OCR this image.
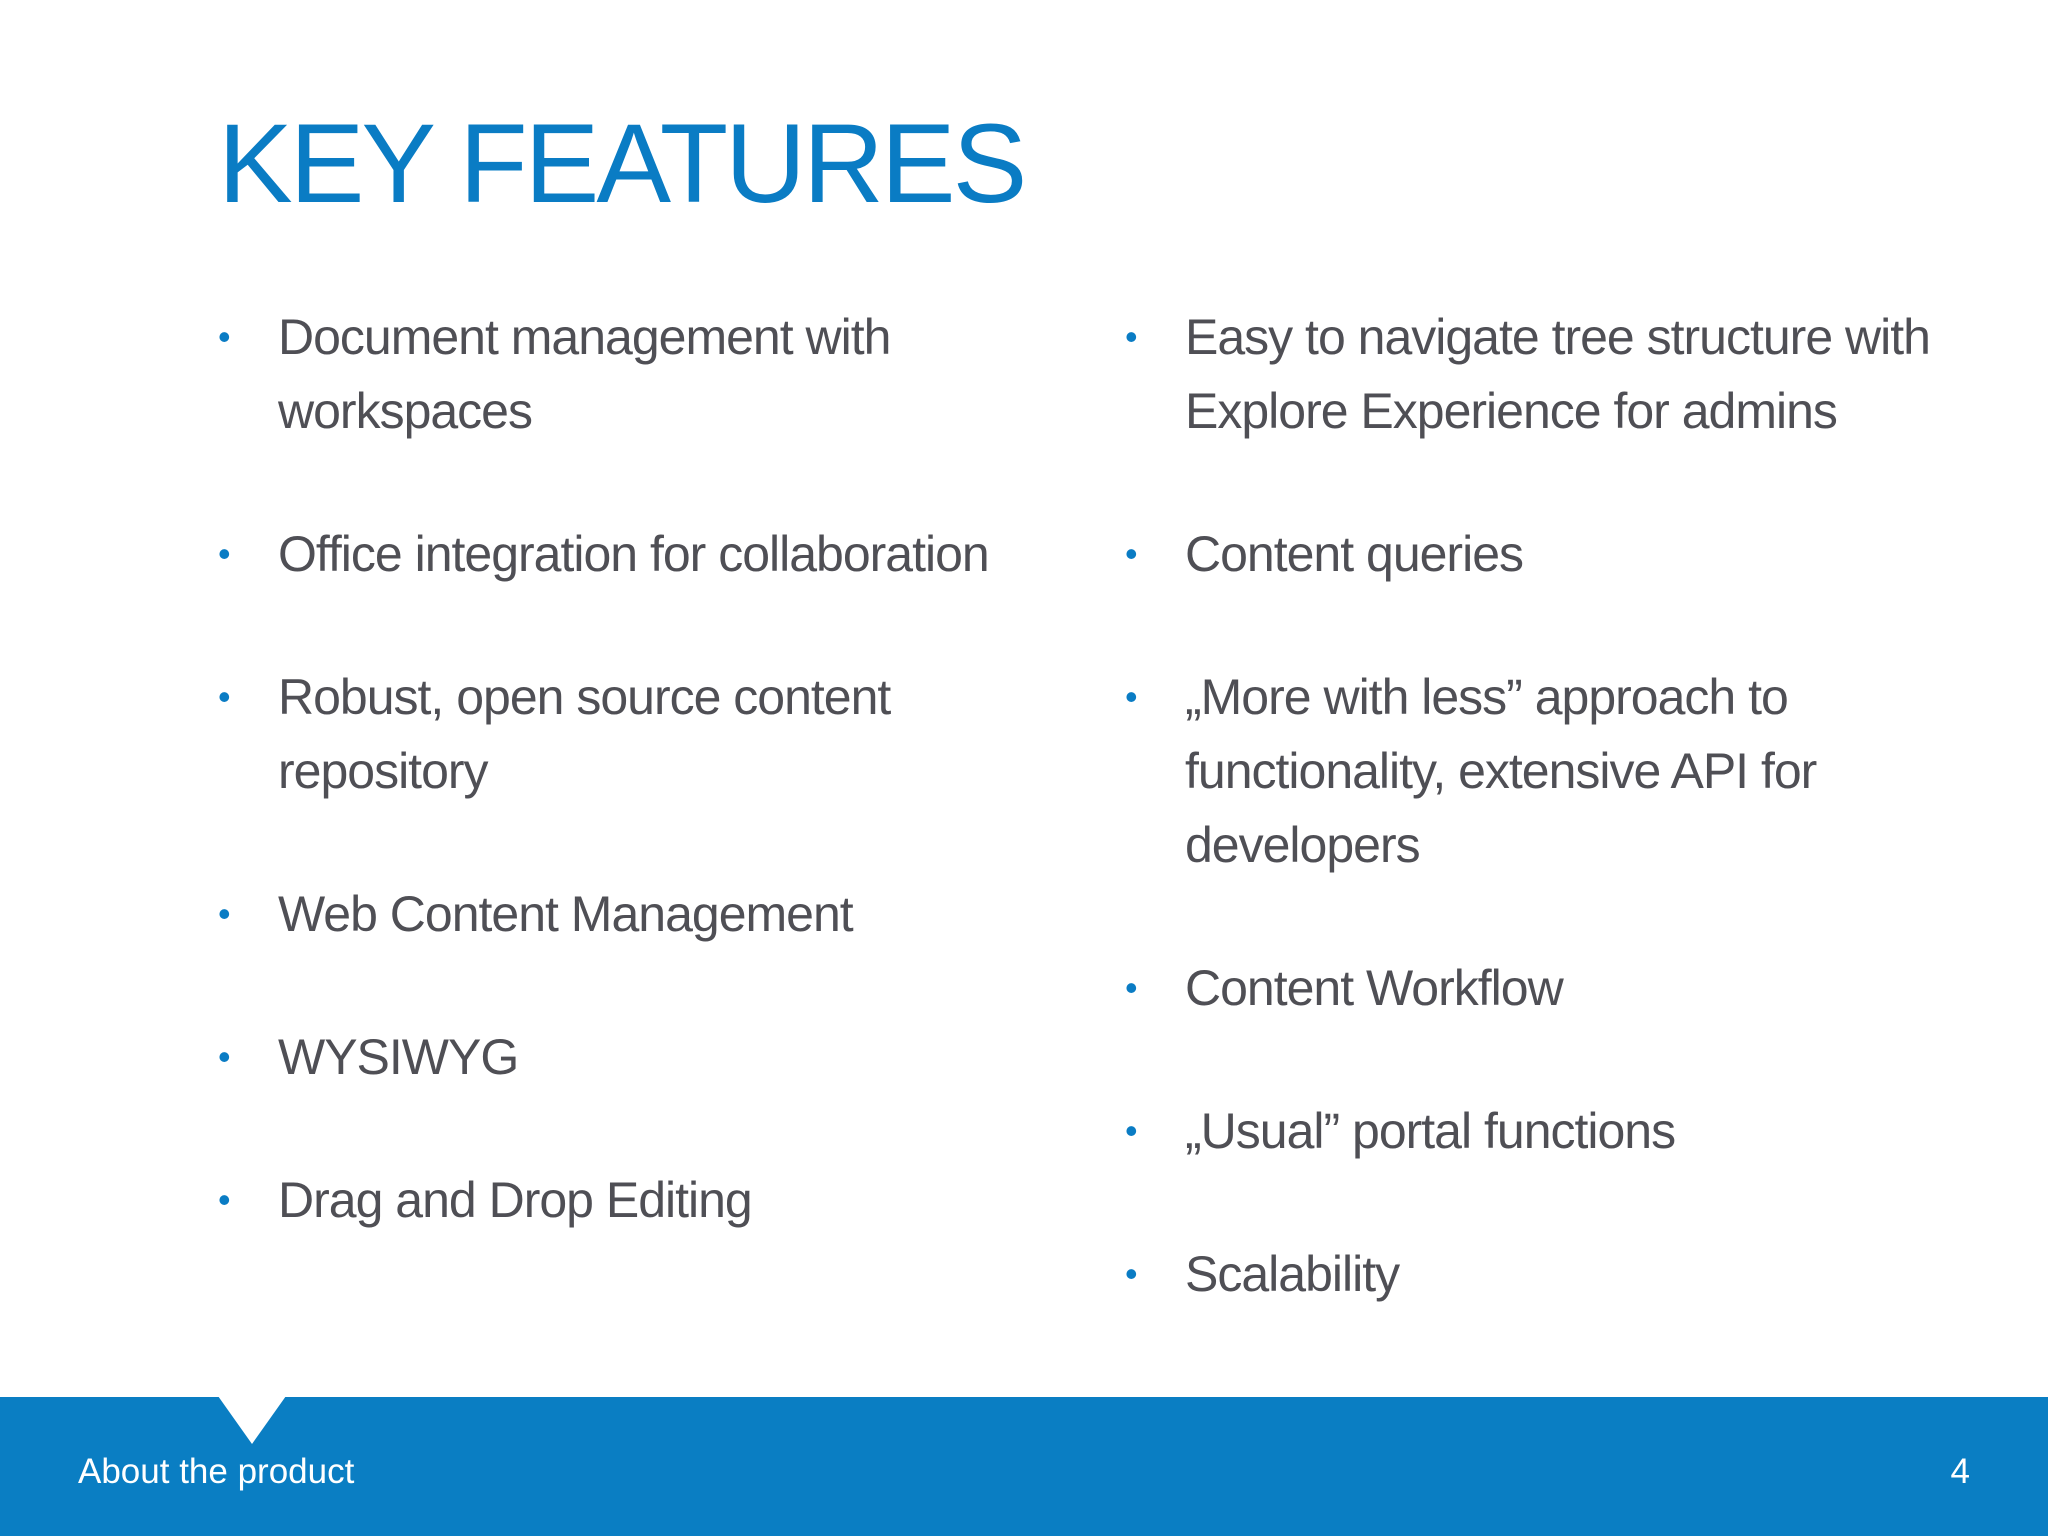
KEY FEATURES
• Document management with workspaces
• Office integration for collaboration
• Robust, open source content repository
• Web Content Management
• WYSIWYG
• Drag and Drop Editing
• Easy to navigate tree structure with Explore Experience for admins
• Content queries
• „More with less” approach to functionality, extensive API for developers
• Content Workflow
• „Usual” portal functions
• Scalability
About the product	4
